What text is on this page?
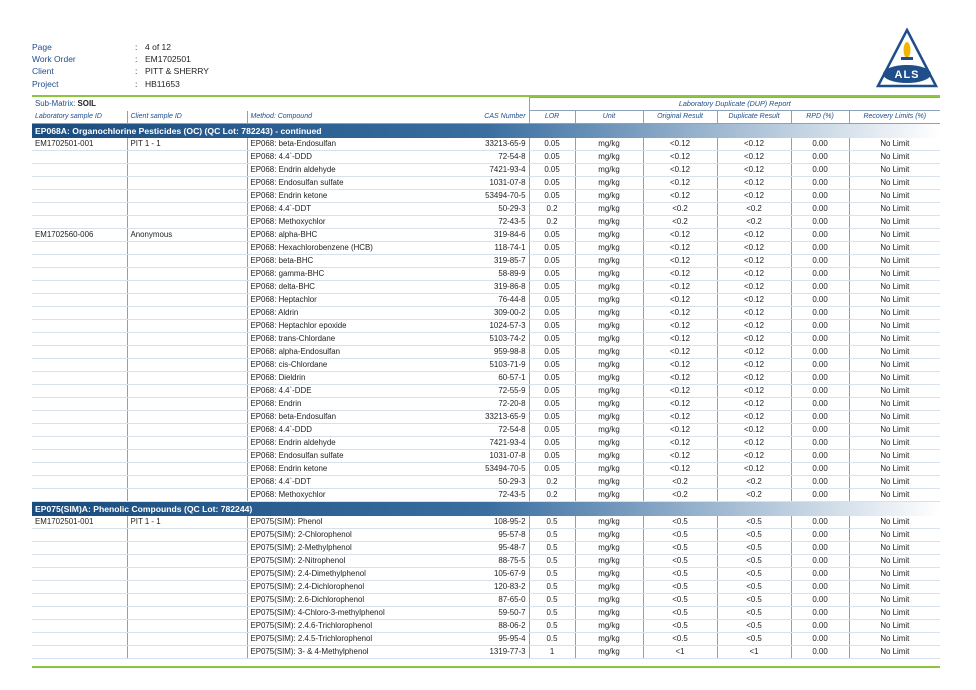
Page	: 4 of 12
Work Order	: EM1702501
Client	: PITT & SHERRY
Project	: HB11653
ALS
Sub-Matrix: SOIL				Laboratory Duplicate (DUP) Report					
Laboratory sample ID	Client sample ID	Method: Compound	CAS Number	LOR	Unit	Original Result	Duplicate Result	RPD (%)	Recovery Limits (%)
EP068A: Organochlorine Pesticides (OC) (QC Lot: 782243) - continued									
EM1702501-001	PIT 1 - 1	EP068: beta-Endosulfan	33213-65-9	0.05	mg/kg	<0.12	<0.12	0.00	No Limit
		EP068: 4.4`-DDD	72-54-8	0.05	mg/kg	<0.12	<0.12	0.00	No Limit
		EP068: Endrin aldehyde	7421-93-4	0.05	mg/kg	<0.12	<0.12	0.00	No Limit
		EP068: Endosulfan sulfate	1031-07-8	0.05	mg/kg	<0.12	<0.12	0.00	No Limit
		EP068: Endrin ketone	53494-70-5	0.05	mg/kg	<0.12	<0.12	0.00	No Limit
		EP068: 4.4`-DDT	50-29-3	0.2	mg/kg	<0.2	<0.2	0.00	No Limit
		EP068: Methoxychlor	72-43-5	0.2	mg/kg	<0.2	<0.2	0.00	No Limit
EM1702560-006	Anonymous	EP068: alpha-BHC	319-84-6	0.05	mg/kg	<0.12	<0.12	0.00	No Limit
		EP068: Hexachlorobenzene (HCB)	118-74-1	0.05	mg/kg	<0.12	<0.12	0.00	No Limit
		EP068: beta-BHC	319-85-7	0.05	mg/kg	<0.12	<0.12	0.00	No Limit
		EP068: gamma-BHC	58-89-9	0.05	mg/kg	<0.12	<0.12	0.00	No Limit
		EP068: delta-BHC	319-86-8	0.05	mg/kg	<0.12	<0.12	0.00	No Limit
		EP068: Heptachlor	76-44-8	0.05	mg/kg	<0.12	<0.12	0.00	No Limit
		EP068: Aldrin	309-00-2	0.05	mg/kg	<0.12	<0.12	0.00	No Limit
		EP068: Heptachlor epoxide	1024-57-3	0.05	mg/kg	<0.12	<0.12	0.00	No Limit
		EP068: trans-Chlordane	5103-74-2	0.05	mg/kg	<0.12	<0.12	0.00	No Limit
		EP068: alpha-Endosulfan	959-98-8	0.05	mg/kg	<0.12	<0.12	0.00	No Limit
		EP068: cis-Chlordane	5103-71-9	0.05	mg/kg	<0.12	<0.12	0.00	No Limit
		EP068: Dieldrin	60-57-1	0.05	mg/kg	<0.12	<0.12	0.00	No Limit
		EP068: 4.4`-DDE	72-55-9	0.05	mg/kg	<0.12	<0.12	0.00	No Limit
		EP068: Endrin	72-20-8	0.05	mg/kg	<0.12	<0.12	0.00	No Limit
		EP068: beta-Endosulfan	33213-65-9	0.05	mg/kg	<0.12	<0.12	0.00	No Limit
		EP068: 4.4`-DDD	72-54-8	0.05	mg/kg	<0.12	<0.12	0.00	No Limit
		EP068: Endrin aldehyde	7421-93-4	0.05	mg/kg	<0.12	<0.12	0.00	No Limit
		EP068: Endosulfan sulfate	1031-07-8	0.05	mg/kg	<0.12	<0.12	0.00	No Limit
		EP068: Endrin ketone	53494-70-5	0.05	mg/kg	<0.12	<0.12	0.00	No Limit
		EP068: 4.4`-DDT	50-29-3	0.2	mg/kg	<0.2	<0.2	0.00	No Limit
		EP068: Methoxychlor	72-43-5	0.2	mg/kg	<0.2	<0.2	0.00	No Limit
EP075(SIM)A: Phenolic Compounds (QC Lot: 782244)									
EM1702501-001	PIT 1 - 1	EP075(SIM): Phenol	108-95-2	0.5	mg/kg	<0.5	<0.5	0.00	No Limit
		EP075(SIM): 2-Chlorophenol	95-57-8	0.5	mg/kg	<0.5	<0.5	0.00	No Limit
		EP075(SIM): 2-Methylphenol	95-48-7	0.5	mg/kg	<0.5	<0.5	0.00	No Limit
		EP075(SIM): 2-Nitrophenol	88-75-5	0.5	mg/kg	<0.5	<0.5	0.00	No Limit
		EP075(SIM): 2.4-Dimethylphenol	105-67-9	0.5	mg/kg	<0.5	<0.5	0.00	No Limit
		EP075(SIM): 2.4-Dichlorophenol	120-83-2	0.5	mg/kg	<0.5	<0.5	0.00	No Limit
		EP075(SIM): 2.6-Dichlorophenol	87-65-0	0.5	mg/kg	<0.5	<0.5	0.00	No Limit
		EP075(SIM): 4-Chloro-3-methylphenol	59-50-7	0.5	mg/kg	<0.5	<0.5	0.00	No Limit
		EP075(SIM): 2.4.6-Trichlorophenol	88-06-2	0.5	mg/kg	<0.5	<0.5	0.00	No Limit
		EP075(SIM): 2.4.5-Trichlorophenol	95-95-4	0.5	mg/kg	<0.5	<0.5	0.00	No Limit
		EP075(SIM): 3- & 4-Methylphenol	1319-77-3	1	mg/kg	<1	<1	0.00	No Limit
